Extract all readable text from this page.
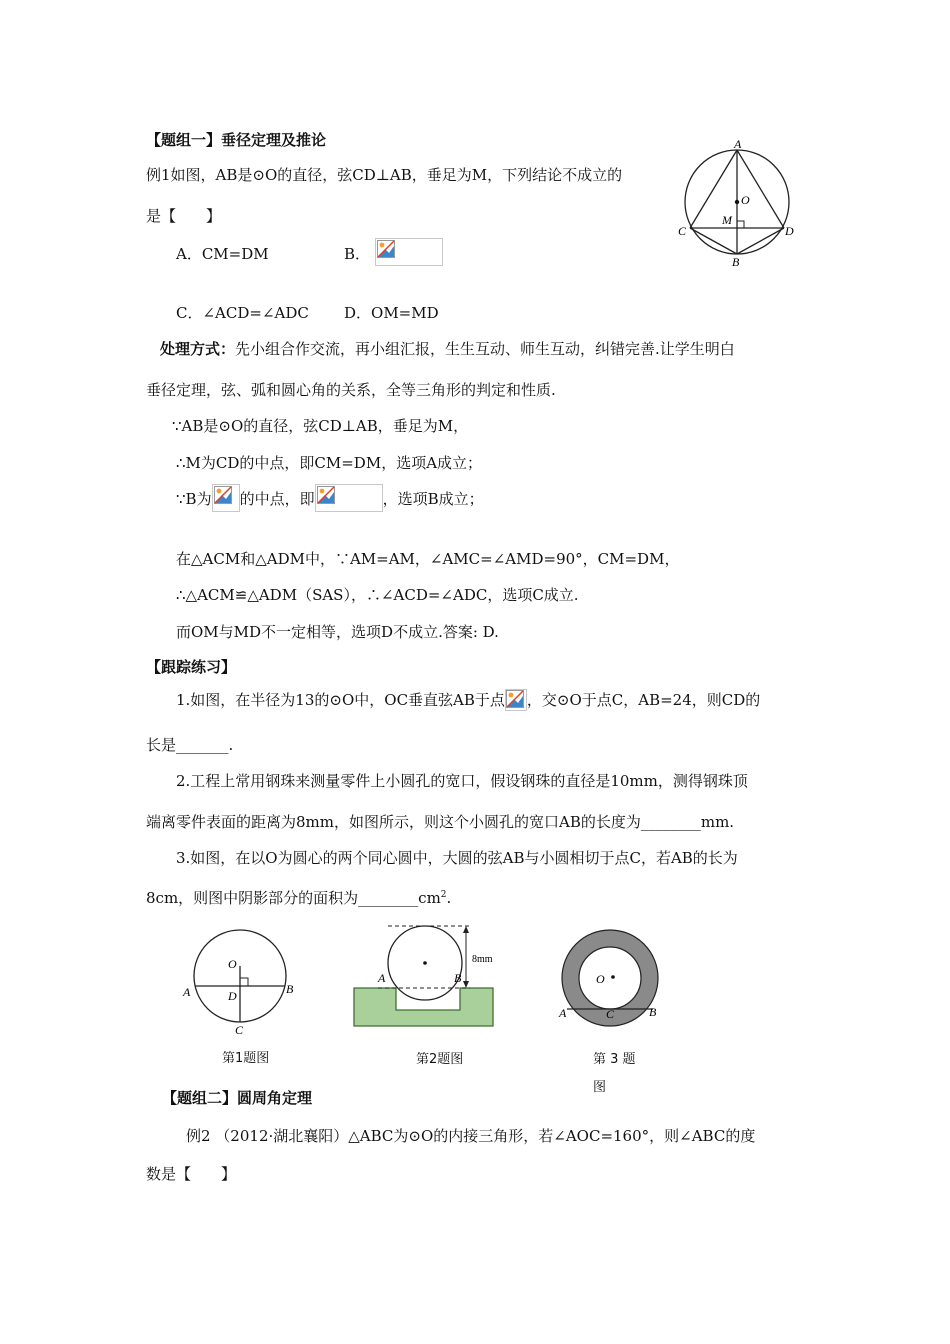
【题组一】垂径定理及推论
例1如图，AB是⊙O的直径，弦CD⊥AB，垂足为M，下列结论不成立的
是【　　】
A．CM=DM	B．
C．∠ACD=∠ADC D．OM=MD
A
O
M
C	D
B
处理方式：先小组合作交流，再小组汇报，生生互动、师生互动，纠错完善.让学生明白
垂径定理，弦、弧和圆心角的关系，全等三角形的判定和性质.
∵AB是⊙O的直径，弦CD⊥AB，垂足为M，
∴M为CD的中点，即CM=DM，选项A成立；
∵B为 的中点，即	，选项B成立；
在△ACM和△ADM中，∵AM=AM，∠AMC=∠AMD=90°，CM=DM，
∴△ACM≌△ADM（SAS），∴∠ACD=∠ADC，选项C成立.
而OM与MD不一定相等，选项D不成立.答案: D.
【跟踪练习】
1.如图，在半径为13的⊙O中，OC垂直弦AB于点 ，交⊙O于点C，AB=24，则CD的
长是_______.
2.工程上常用钢珠来测量零件上小圆孔的宽口，假设钢珠的直径是10mm，测得钢珠顶
端离零件表面的距离为8mm，如图所示，则这个小圆孔的宽口AB的长度为________mm.
3.如图，在以O为圆心的两个同心圆中，大圆的弦AB与小圆相切于点C，若AB的长为
8cm，则图中阴影部分的面积为$\_\_\_\_\_\_\_\_cm^2$.
O
A	D	B
C
第1题图
8mm
A	B
第2题图
O
A	C	B
第 3 题
图
【题组二】圆周角定理
例2 （2012·湖北襄阳）△ABC为⊙O的内接三角形，若∠AOC=160°，则∠ABC的度
数是【　　】
